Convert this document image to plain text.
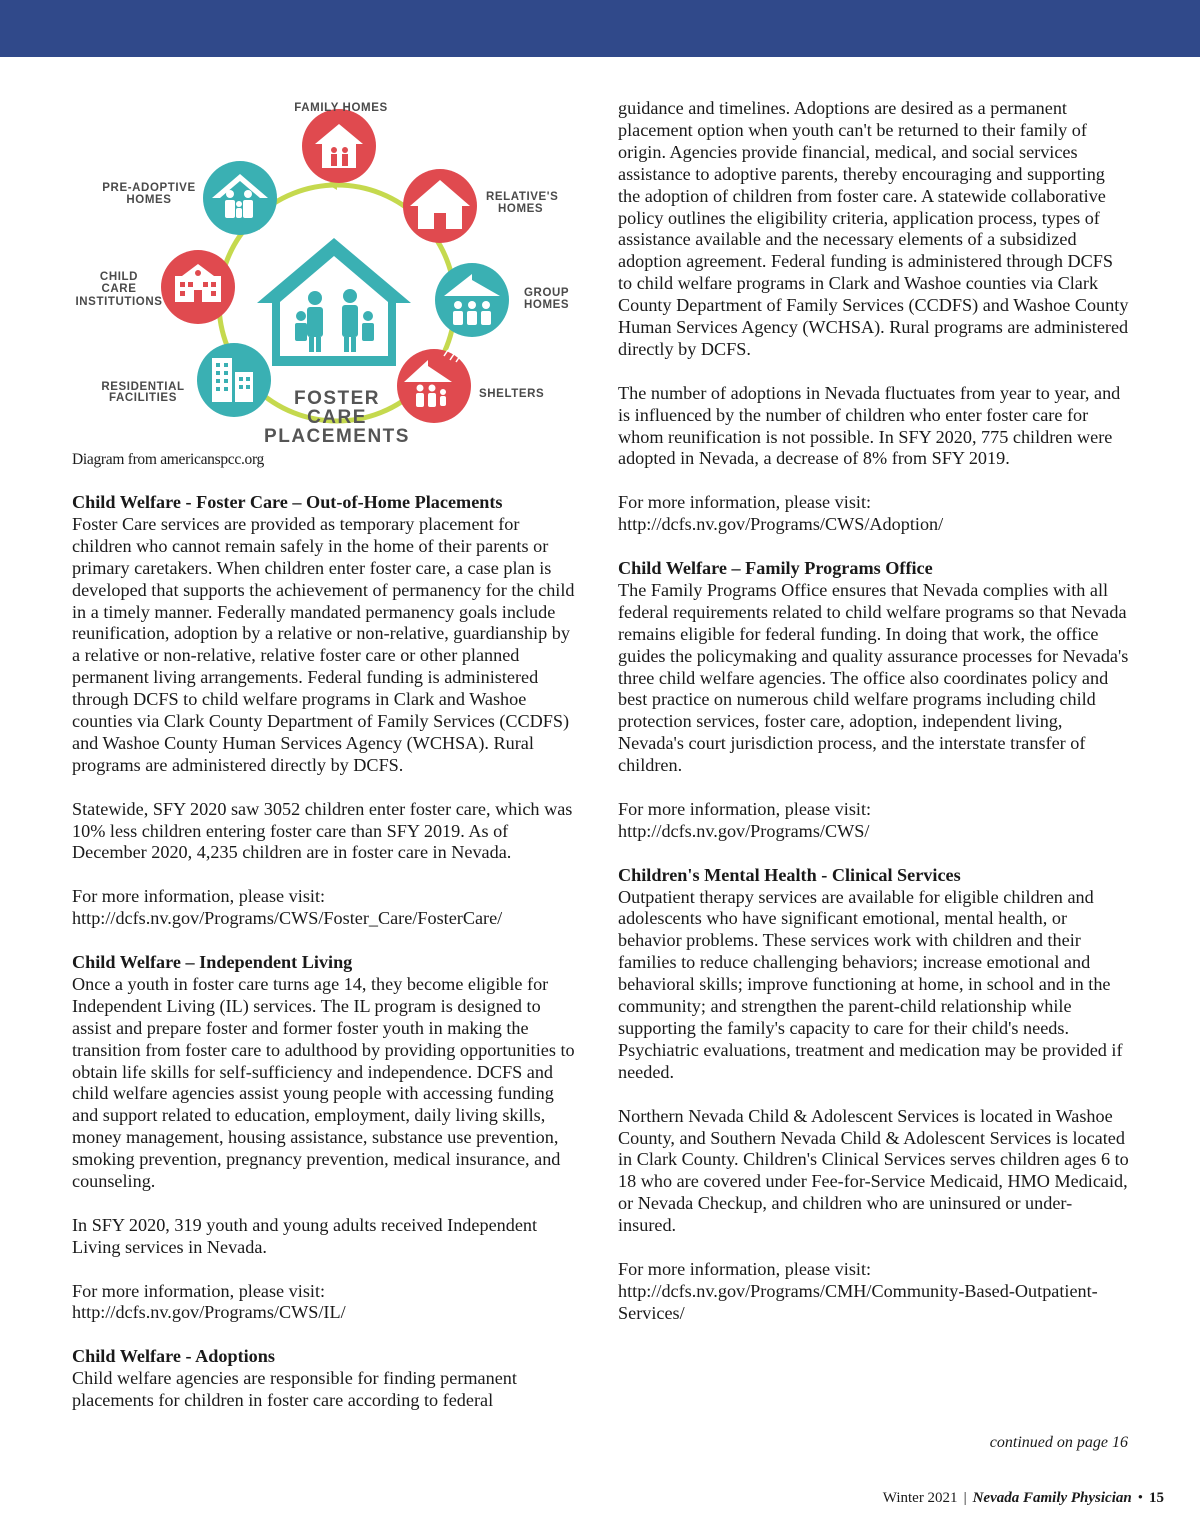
FAMILY HOMES
RELATIVE'S
HOMES
GROUP
HOMES
SHELTERS
RESIDENTIAL
FACILITIES
CHILD
CARE
INSTITUTIONS
PRE-ADOPTIVE
HOMES
FOSTER
CARE
PLACEMENTS
Diagram from americanspcc.org
Child Welfare - Foster Care – Out-of-Home Placements

Foster Care services are provided as temporary placement for children who cannot remain safely in the home of their parents or primary caretakers. When children enter foster care, a case plan is developed that supports the achievement of permanency for the child in a timely manner. Federally mandated permanency goals include reunification, adoption by a relative or non-relative, guardianship by a relative or non-relative, relative foster care or other planned permanent living arrangements. Federal funding is administered through DCFS to child welfare programs in Clark and Washoe counties via Clark County Department of Family Services (CCDFS) and Washoe County Human Services Agency (WCHSA). Rural programs are administered directly by DCFS.

Statewide, SFY 2020 saw 3052 children enter foster care, which was 10% less children entering foster care than SFY 2019. As of December 2020, 4,235 children are in foster care in Nevada.

For more information, please visit:

http://dcfs.nv.gov/Programs/CWS/Foster_Care/FosterCare/

Child Welfare – Independent Living

Once a youth in foster care turns age 14, they become eligible for Independent Living (IL) services. The IL program is designed to assist and prepare foster and former foster youth in making the transition from foster care to adulthood by providing opportunities to obtain life skills for self-sufficiency and independence. DCFS and child welfare agencies assist young people with accessing funding and support related to education, employment, daily living skills, money management, housing assistance, substance use prevention, smoking prevention, pregnancy prevention, medical insurance, and counseling.

In SFY 2020, 319 youth and young adults received Independent Living services in Nevada.

For more information, please visit:

http://dcfs.nv.gov/Programs/CWS/IL/

Child Welfare - Adoptions

Child welfare agencies are responsible for finding permanent placements for children in foster care according to federal

guidance and timelines. Adoptions are desired as a permanent placement option when youth can't be returned to their family of origin. Agencies provide financial, medical, and social services assistance to adoptive parents, thereby encouraging and supporting the adoption of children from foster care. A statewide collaborative policy outlines the eligibility criteria, application process, types of assistance available and the necessary elements of a subsidized adoption agreement. Federal funding is administered through DCFS to child welfare programs in Clark and Washoe counties via Clark County Department of Family Services (CCDFS) and Washoe County Human Services Agency (WCHSA). Rural programs are administered directly by DCFS.

The number of adoptions in Nevada fluctuates from year to year, and is influenced by the number of children who enter foster care for whom reunification is not possible. In SFY 2020, 775 children were adopted in Nevada, a decrease of 8% from SFY 2019.

For more information, please visit:

http://dcfs.nv.gov/Programs/CWS/Adoption/

Child Welfare – Family Programs Office

The Family Programs Office ensures that Nevada complies with all federal requirements related to child welfare programs so that Nevada remains eligible for federal funding. In doing that work, the office guides the policymaking and quality assurance processes for Nevada's three child welfare agencies. The office also coordinates policy and best practice on numerous child welfare programs including child protection services, foster care, adoption, independent living, Nevada's court jurisdiction process, and the interstate transfer of children.

For more information, please visit:

http://dcfs.nv.gov/Programs/CWS/

Children's Mental Health - Clinical Services

Outpatient therapy services are available for eligible children and adolescents who have significant emotional, mental health, or behavior problems. These services work with children and their families to reduce challenging behaviors; increase emotional and behavioral skills; improve functioning at home, in school and in the community; and strengthen the parent-child relationship while supporting the family's capacity to care for their child's needs. Psychiatric evaluations, treatment and medication may be provided if needed.

Northern Nevada Child & Adolescent Services is located in Washoe County, and Southern Nevada Child & Adolescent Services is located in Clark County. Children's Clinical Services serves children ages 6 to 18 who are covered under Fee-for-Service Medicaid, HMO Medicaid, or Nevada Checkup, and children who are uninsured or under-insured.

For more information, please visit:

http://dcfs.nv.gov/Programs/CMH/Community-Based-Outpatient-Services/

continued on page 16
Winter 2021 | Nevada Family Physician • 15
